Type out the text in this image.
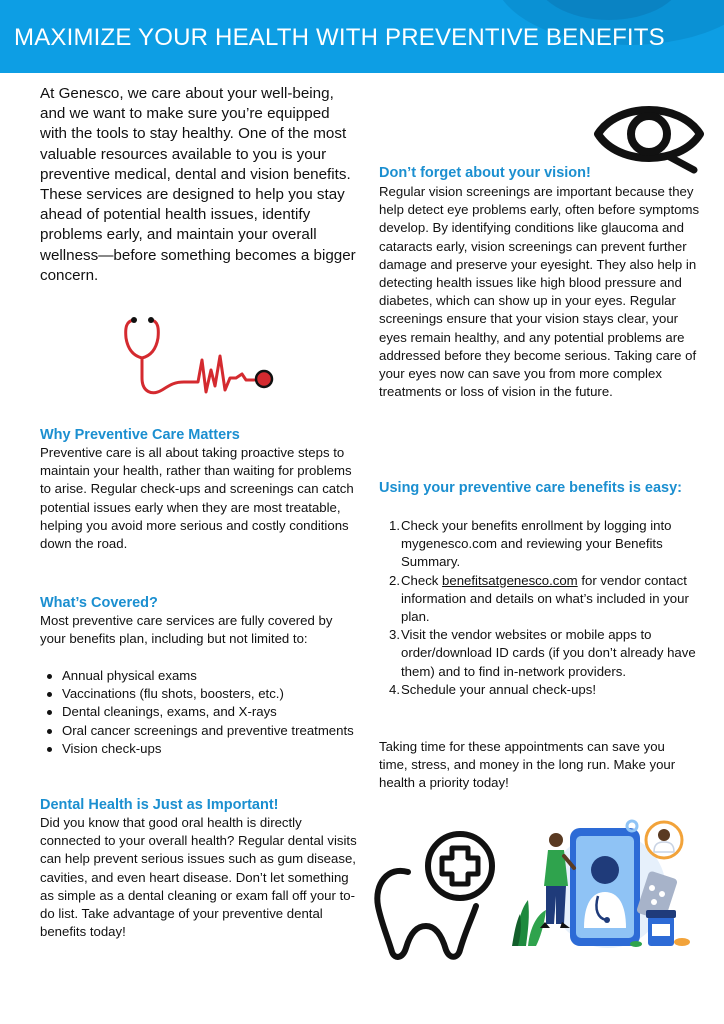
MAXIMIZE YOUR HEALTH WITH PREVENTIVE BENEFITS

At Genesco, we care about your well-being, and we want to make sure you’re equipped with the tools to stay healthy. One of the most valuable resources available to you is your preventive medical, dental and vision benefits. These services are designed to help you stay ahead of potential health issues, identify problems early, and maintain your overall wellness—before something becomes a bigger concern.

Why Preventive Care Matters

Preventive care is all about taking proactive steps to maintain your health, rather than waiting for problems to arise. Regular check-ups and screenings can catch potential issues early when they are most treatable, helping you avoid more serious and costly conditions down the road.

What’s Covered?

Most preventive care services are fully covered by your benefits plan, including but not limited to:

Annual physical exams
Vaccinations (flu shots, boosters, etc.)
Dental cleanings, exams, and X-rays
Oral cancer screenings and preventive treatments
Vision check-ups
Dental Health is Just as Important!

Did you know that good oral health is directly connected to your overall health? Regular dental visits can help prevent serious issues such as gum disease, cavities, and even heart disease. Don’t let something as simple as a dental cleaning or exam fall off your to-do list. Take advantage of your preventive dental benefits today!

Don’t forget about your vision!

Regular vision screenings are important because they help detect eye problems early, often before symptoms develop. By identifying conditions like glaucoma and cataracts early, vision screenings can prevent further damage and preserve your eyesight. They also help in detecting health issues like high blood pressure and diabetes, which can show up in your eyes. Regular screenings ensure that your vision stays clear, your eyes remain healthy, and any potential problems are addressed before they become serious. Taking care of your eyes now can save you from more complex treatments or loss of vision in the future.

Using your preventive care benefits is easy:
1. Check your benefits enrollment by logging into mygenesco.com and reviewing your Benefits Summary.
2. Check benefitsatgenesco.com for vendor contact information and details on what’s included in your plan.
3. Visit the vendor websites or mobile apps to order/download ID cards (if you don’t already have them) and to find in-network providers.
4. Schedule your annual check-ups!

Taking time for these appointments can save you time, stress, and money in the long run. Make your health a priority today!
